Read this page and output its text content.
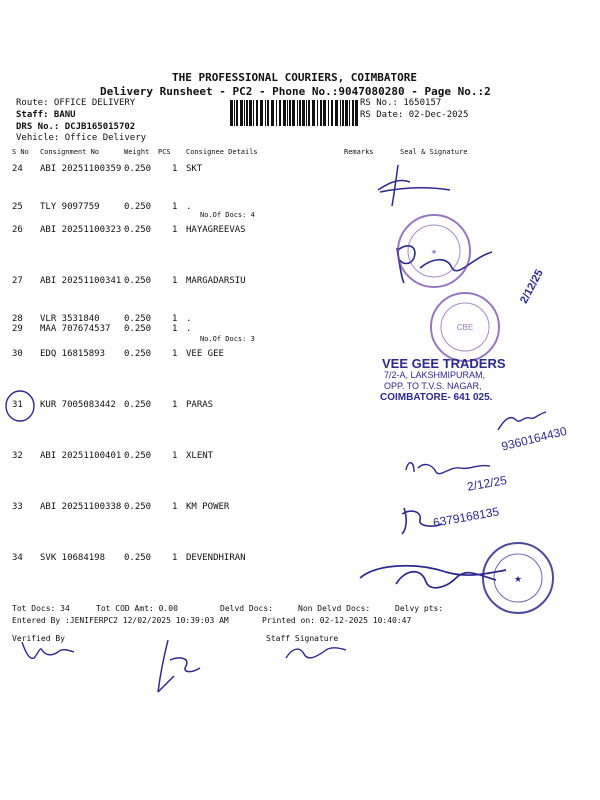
THE PROFESSIONAL COURIERS, COIMBATORE
Delivery Runsheet - PC2 - Phone No.:9047080280 - Page No.:2
Route: OFFICE DELIVERY
Staff: BANU
DRS No.: DCJB165015702
Vehicle: Office Delivery
RS No.: 1650157
RS Date: 02-Dec-2025
S No Consignment No	Weight PCS Consignee Details	Remarks	Seal & Signature
24 ABI 20251100359 0.250 1 SKT
25 TLY 9097759	0.250 1 .
No.Of Docs: 4
26 ABI 20251100323 0.250 1 HAYAGREEVAS
27 ABI 20251100341 0.250 1 MARGADARSIU
28 VLR 3531840	0.250 1 .
29 MAA 707674537 0.250 1 .
No.Of Docs: 3
30 EDQ 16815893 0.250 1 VEE GEE
31 KUR 7005083442 0.250 1 PARAS
32 ABI 20251100401 0.250 1 XLENT
33 ABI 20251100338 0.250 1 KM POWER
34 SVK 10684198 0.250 1 DEVENDHIRAN
Tot Docs: 34	Tot COD Amt: 0.00	Delvd Docs:	Non Delvd Docs:	Delvy pts:
Entered By :JENIFERPC2 12/02/2025 10:39:03 AM	Printed on: 02-12-2025 10:40:47
Verified By	Staff Signature
★
CBE
2/12/25
VEE GEE TRADERS
7/2-A, LAKSHMIPURAM,
OPP. TO T.V.S. NAGAR,
COIMBATORE- 641 025.
9360164430
2/12/25
6379168135
★
